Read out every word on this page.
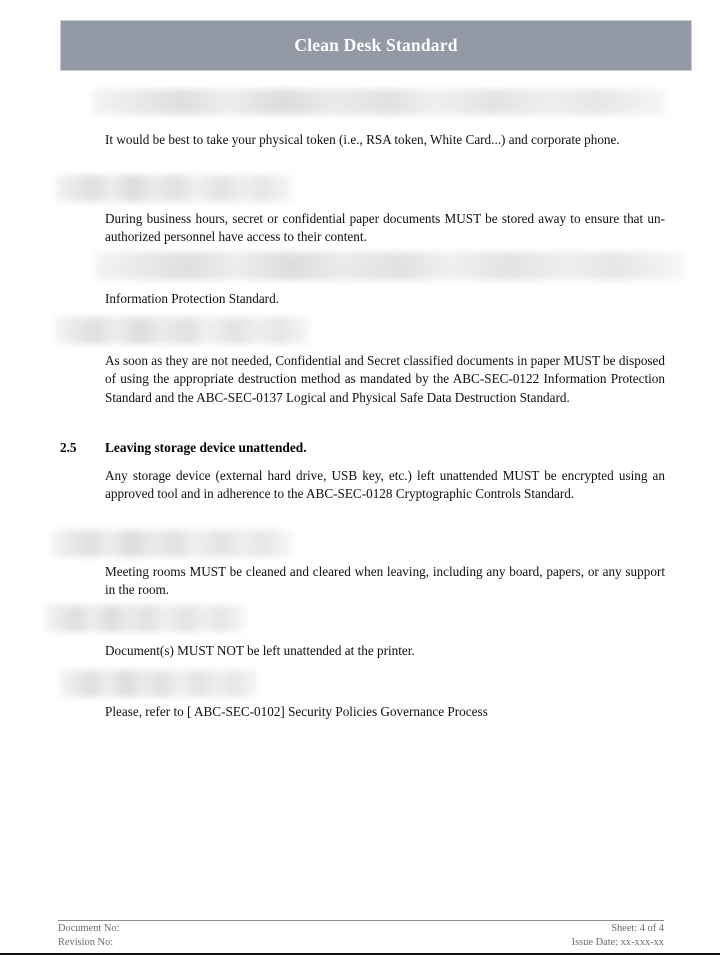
Clean Desk Standard
It would be best to take your physical token (i.e., RSA token, White Card...) and corporate phone.
During business hours, secret or confidential paper documents MUST be stored away to ensure that un- authorized personnel have access to their content.
Information Protection Standard.
As soon as they are not needed, Confidential and Secret classified documents in paper MUST be disposed of using the appropriate destruction method as mandated by the ABC-SEC-0122 Information Protection Standard and the ABC-SEC-0137 Logical and Physical Safe Data Destruction Standard.
2.5 Leaving storage device unattended.
Any storage device (external hard drive, USB key, etc.) left unattended MUST be encrypted using an approved tool and in adherence to the ABC-SEC-0128 Cryptographic Controls Standard.
Meeting rooms MUST be cleaned and cleared when leaving, including any board, papers, or any support in the room.
Document(s) MUST NOT be left unattended at the printer.
Please, refer to [ ABC-SEC-0102] Security Policies Governance Process
Document No:
Revision No:
Sheet: 4 of 4
Issue Date: xx-xxx-xx
